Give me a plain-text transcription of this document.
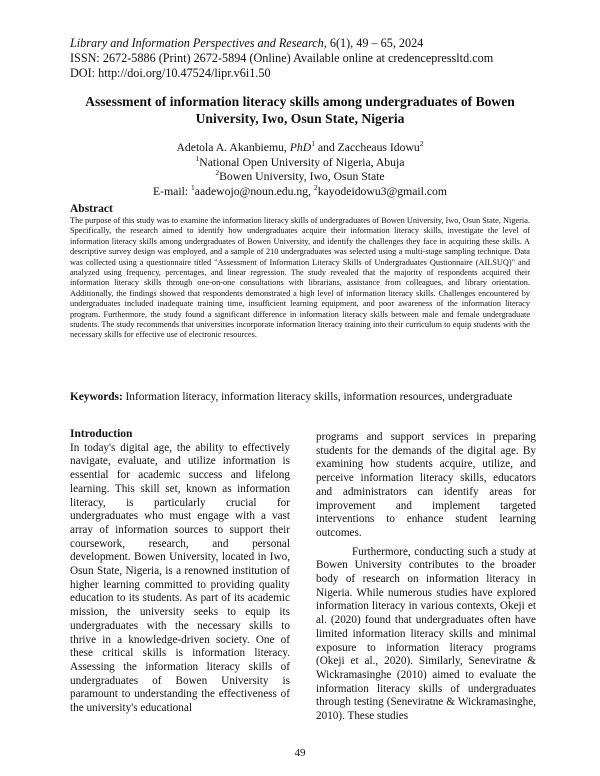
Library and Information Perspectives and Research, 6(1), 49 – 65, 2024
ISSN: 2672-5886 (Print) 2672-5894 (Online) Available online at credencepressltd.com
DOI: http://doi.org/10.47524/lipr.v6i1.50
Assessment of information literacy skills among undergraduates of Bowen University, Iwo, Osun State, Nigeria
Adetola A. Akanbiemu, PhD$^1$ and Zaccheaus Idowu$^2$
$^1$National Open University of Nigeria, Abuja
$^2$Bowen University, Iwo, Osun State
E-mail: $^1$aadewojo@noun.edu.ng, $^2$kayodeidowu3@gmail.com
Abstract
The purpose of this study was to examine the information literacy skills of undergraduates of Bowen University, Iwo, Osun State, Nigeria. Specifically, the research aimed to identify how undergraduates acquire their information literacy skills, investigate the level of information literacy skills among undergraduates of Bowen University, and identify the challenges they face in acquiring these skills. A descriptive survey design was employed, and a sample of 210 undergraduates was selected using a multi-stage sampling technique. Data was collected using a questionnaire titled "Assessment of Information Literacy Skills of Undergraduates Qustionnaire (AILSUQ)" and analyzed using frequency, percentages, and linear regression. The study revealed that the majority of respondents acquired their information literacy skills through one-on-one consultations with librarians, assistance from colleagues, and library orientation. Additionally, the findings showed that respondents demonstrated a high level of information literacy skills. Challenges encountered by undergraduates included inadequate training time, insufficient learning equipment, and poor awareness of the information literacy program. Furthermore, the study found a significant difference in information literacy skills between male and female undergraduate students. The study recommends that universities incorporate information literacy training into their curriculum to equip students with the necessary skills for effective use of electronic resources.
Keywords: Information literacy, information literacy skills, information resources, undergraduate
Introduction

In today's digital age, the ability to effectively navigate, evaluate, and utilize information is essential for academic success and lifelong learning. This skill set, known as information literacy, is particularly crucial for undergraduates who must engage with a vast array of information sources to support their coursework, research, and personal development. Bowen University, located in Iwo, Osun State, Nigeria, is a renowned institution of higher learning committed to providing quality education to its students. As part of its academic mission, the university seeks to equip its undergraduates with the necessary skills to thrive in a knowledge-driven society. One of these critical skills is information literacy. Assessing the information literacy skills of undergraduates of Bowen University is paramount to understanding the effectiveness of the university's educational

programs and support services in preparing students for the demands of the digital age. By examining how students acquire, utilize, and perceive information literacy skills, educators and administrators can identify areas for improvement and implement targeted interventions to enhance student learning outcomes.

Furthermore, conducting such a study at Bowen University contributes to the broader body of research on information literacy in Nigeria. While numerous studies have explored information literacy in various contexts, Okeji et al. (2020) found that undergraduates often have limited information literacy skills and minimal exposure to information literacy programs (Okeji et al., 2020). Similarly, Seneviratne & Wickramasinghe (2010) aimed to evaluate the information literacy skills of undergraduates through testing (Seneviratne & Wickramasinghe, 2010). These studies

49
